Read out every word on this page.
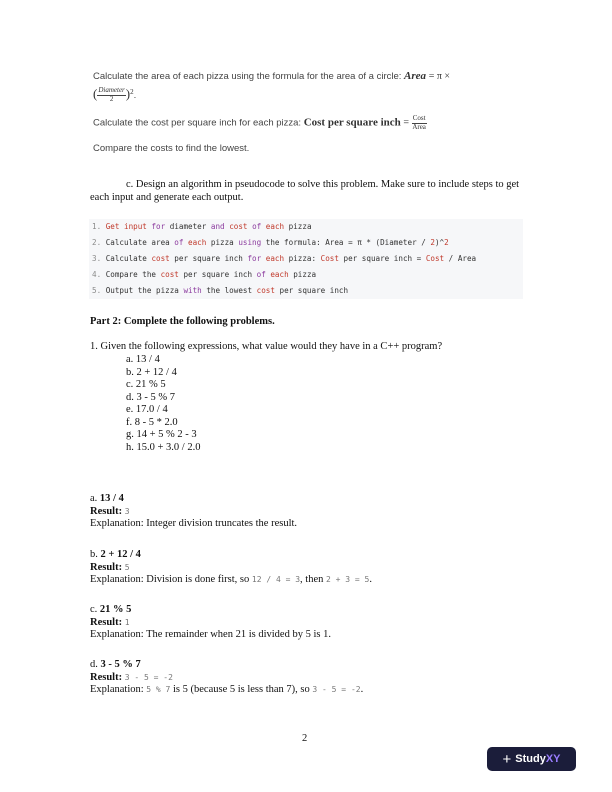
Calculate the area of each pizza using the formula for the area of a circle: Area = π ×
( $\frac{\text{Diameter}}{2} )^2$.
Calculate the cost per square inch for each pizza: Cost per square inch = $\frac{\text{Cost}}{\text{Area}}$
Compare the costs to find the lowest.
c. Design an algorithm in pseudocode to solve this problem. Make sure to include steps to get each input and generate each output.
1. Get input for diameter and cost of each pizza
2. Calculate area of each pizza using the formula: Area = π * (Diameter / 2)^2
3. Calculate cost per square inch for each pizza: Cost per square inch = Cost / Area
4. Compare the cost per square inch of each pizza
5. Output the pizza with the lowest cost per square inch
Part 2: Complete the following problems.
1. Given the following expressions, what value would they have in a C++ program?
a. 13 / 4
b. 2 + 12 / 4
c. 21 % 5
d. 3 - 5 % 7
e. 17.0 / 4
f. 8 - 5 * 2.0
g. 14 + 5 % 2 - 3
h. 15.0 + 3.0 / 2.0
a. 13 / 4
Result: 3
Explanation: Integer division truncates the result.
b. 2 + 12 / 4
Result: 5
Explanation: Division is done first, so 12 / 4 = 3, then 2 + 3 = 5.
c. 21 % 5
Result: 1
Explanation: The remainder when 21 is divided by 5 is 1.
d. 3 - 5 % 7
Result: 3 - 5 = -2
Explanation: 5 % 7 is 5 (because 5 is less than 7), so 3 - 5 = -2.
2
+ Study XY
